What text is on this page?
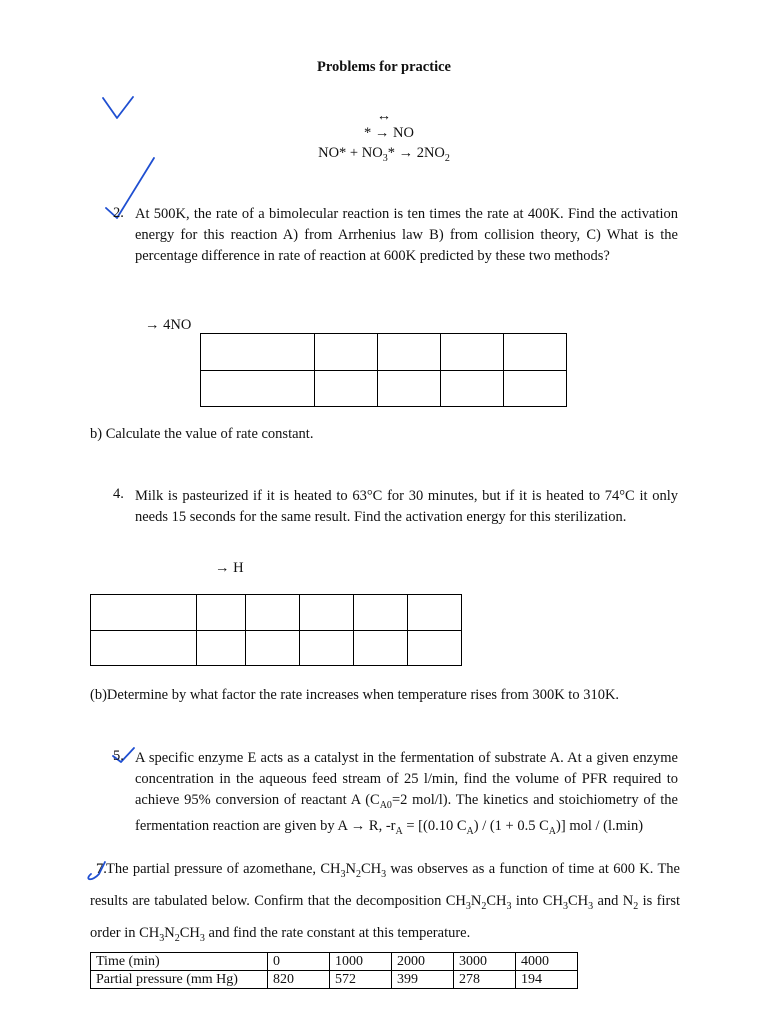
Problems for practice
↔
* → NO
$NO* + NO_3* \to 2NO_2$
2. At 500K, the rate of a bimolecular reaction is ten times the rate at 400K. Find the activation energy for this reaction A) from Arrhenius law B) from collision theory, C) What is the percentage difference in rate of reaction at 600K predicted by these two methods?
→ 4NO

b) Calculate the value of rate constant.
4. Milk is pasteurized if it is heated to 63°C for 30 minutes, but if it is heated to 74°C it only needs 15 seconds for the same result. Find the activation energy for this sterilization.
→ H

(b)Determine by what factor the rate increases when temperature rises from 300K to 310K.
5. A specific enzyme E acts as a catalyst in the fermentation of substrate A. At a given enzyme concentration in the aqueous feed stream of 25 l/min, find the volume of PFR required to achieve 95% conversion of reactant A ($C_{A0}=2$ mol/l). The kinetics and stoichiometry of the fermentation reaction are given by A → R, $-r_A = [(0.10$ $C_A) / (1 + 0.5$ $C_A$)] mol / (l.min)
7. The partial pressure of azomethane, $CH_3N_2CH_3$ was observes as a function of time at 600 K. The results are tabulated below. Confirm that the decomposition $CH_3N_2CH_3$ into $CH_3CH_3$ and $N_2$ is first order in $CH_3N_2CH_3$ and find the rate constant at this temperature.
Time (min)	0	1000	2000	3000	4000
Partial pressure (mm Hg)	820	572	399	278	194
